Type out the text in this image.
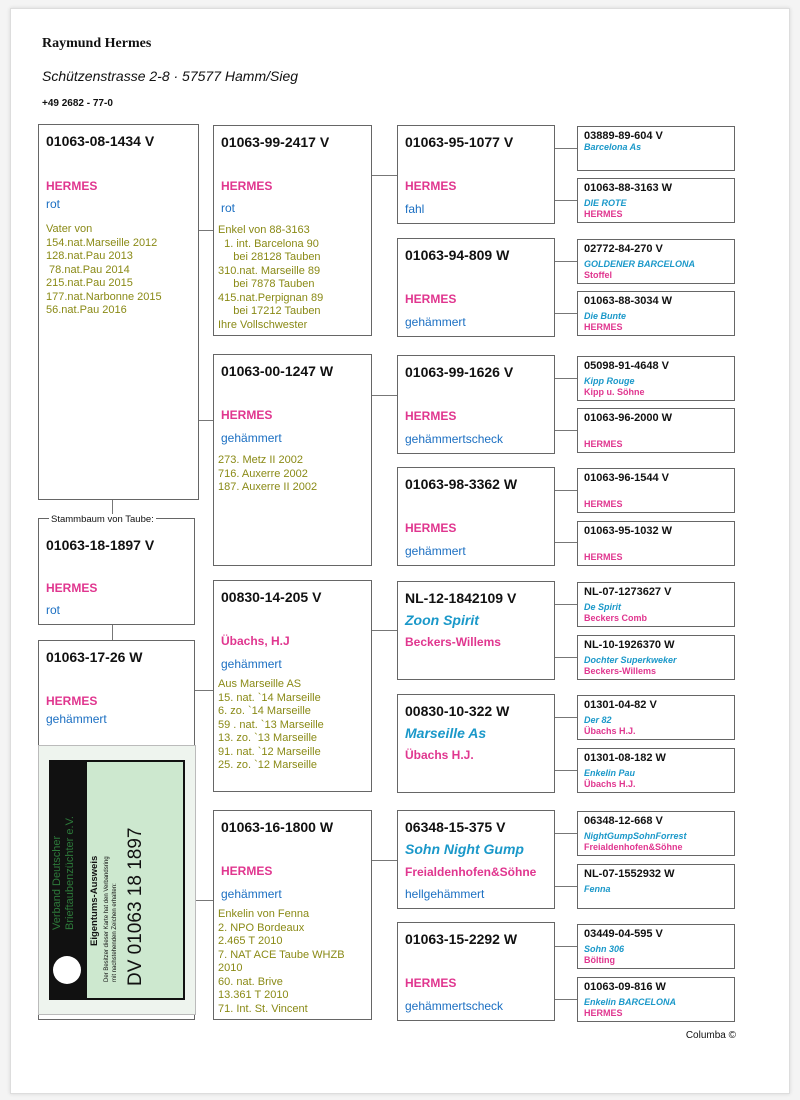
Raymund Hermes
Schützenstrasse 2-8 · 57577 Hamm/Sieg
+49 2682 - 77-0
01063-08-1434 V
HERMES
rot
Vater von
154.nat.Marseille 2012
128.nat.Pau 2013
78.nat.Pau 2014
215.nat.Pau 2015
177.nat.Narbonne 2015
56.nat.Pau 2016
Stammbaum von Taube:
01063-18-1897 V
HERMES
rot
01063-17-26 W
HERMES
gehämmert
Verband Deutscher Brieftaubenzüchter e.V. Eigentums-Ausweis Der Besitzer dieser Karte hat den Verbandsring mit nachstehenden Zeichen erhalten: DV 01063 18 1897
01063-99-2417 V
HERMES
rot
Enkel von 88-3163
1. int. Barcelona 90
bei 28128 Tauben
310.nat. Marseille 89
bei 7878 Tauben
415.nat.Perpignan 89
bei 17212 Tauben
Ihre Vollschwester
01063-00-1247 W
HERMES
gehämmert
273. Metz II 2002
716. Auxerre 2002
187. Auxerre II 2002
00830-14-205 V
Übachs, H.J
gehämmert
Aus Marseille AS
15. nat. `14 Marseille
6. zo. `14 Marseille
59 . nat. `13 Marseille
13. zo. `13 Marseille
91. nat. `12 Marseille
25. zo. `12 Marseille
01063-16-1800 W
HERMES
gehämmert
Enkelin von Fenna
2. NPO Bordeaux
2.465 T 2010
7. NAT ACE Taube WHZB
2010
60. nat. Brive
13.361 T 2010
71. Int. St. Vincent
01063-95-1077 V
HERMES
fahl
01063-94-809 W
HERMES
gehämmert
01063-99-1626 V
HERMES
gehämmertscheck
01063-98-3362 W
HERMES
gehämmert
NL-12-1842109 V
Zoon Spirit
Beckers-Willems
00830-10-322 W
Marseille As
Übachs H.J.
06348-15-375 V
Sohn Night Gump
Freialdenhofen&Söhne
hellgehämmert
01063-15-2292 W
HERMES
gehämmertscheck
03889-89-604 V
Barcelona As
01063-88-3163 W
DIE ROTE
HERMES
02772-84-270 V
GOLDENER BARCELONA
Stoffel
01063-88-3034 W
Die Bunte
HERMES
05098-91-4648 V
Kipp Rouge
Kipp u. Söhne
01063-96-2000 W
HERMES
01063-96-1544 V
HERMES
01063-95-1032 W
HERMES
NL-07-1273627 V
De Spirit
Beckers Comb
NL-10-1926370 W
Dochter Superkweker
Beckers-Willems
01301-04-82 V
Der 82
Übachs H.J.
01301-08-182 W
Enkelin Pau
Übachs H.J.
06348-12-668 V
NightGumpSohnForrest
Freialdenhofen&Söhne
NL-07-1552932 W
Fenna
03449-04-595 V
Sohn 306
Bölting
01063-09-816 W
Enkelin BARCELONA
HERMES
Columba ©
